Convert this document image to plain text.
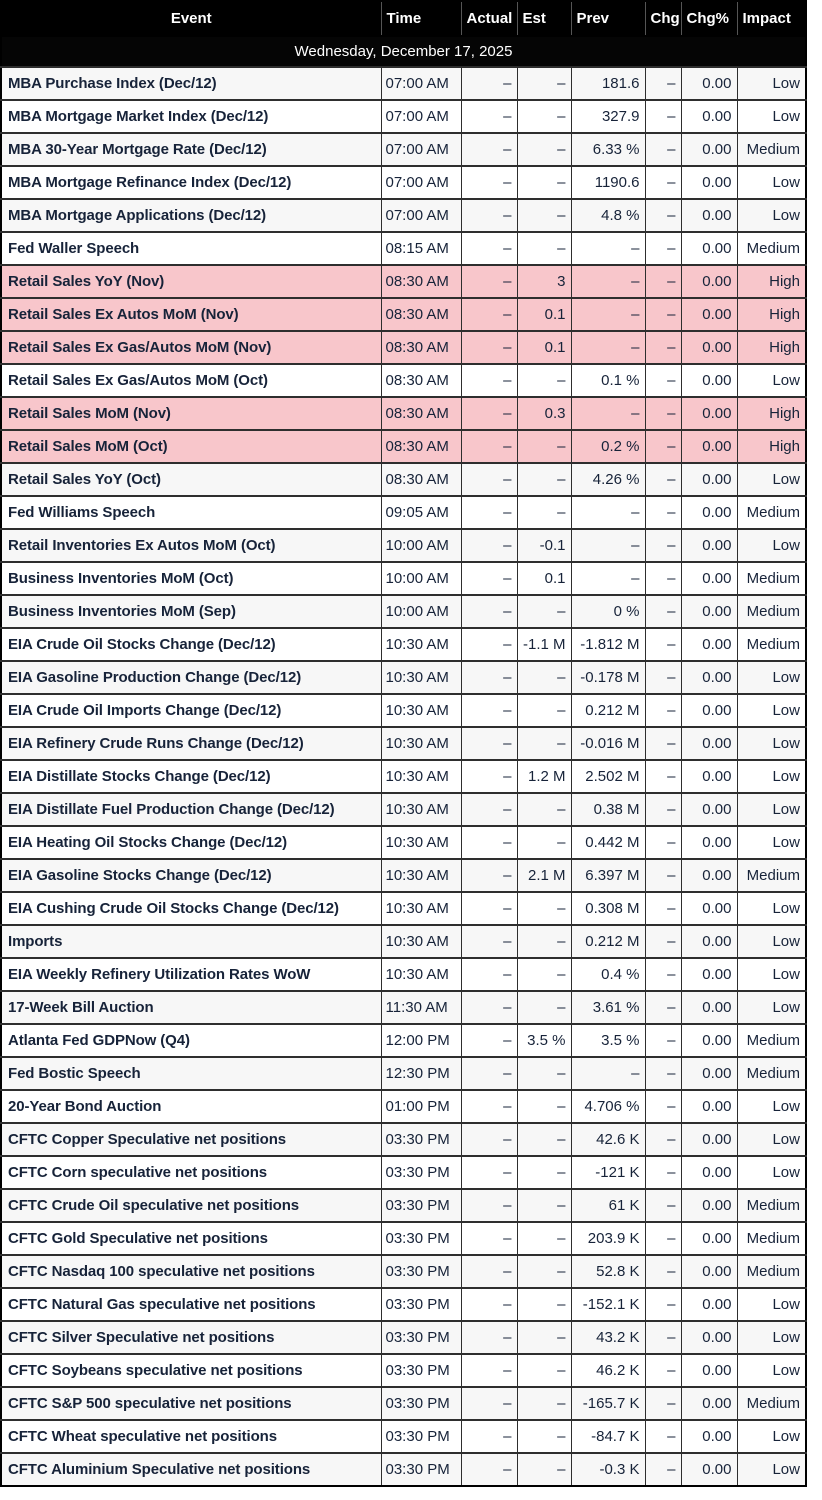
Event	Time	Actual	Est	Prev	Chg	Chg%	Impact
Wednesday, December 17, 2025							
MBA Purchase Index (Dec/12)	07:00 AM	–	–	181.6	–	0.00	Low
MBA Mortgage Market Index (Dec/12)	07:00 AM	–	–	327.9	–	0.00	Low
MBA 30-Year Mortgage Rate (Dec/12)	07:00 AM	–	–	6.33 %	–	0.00	Medium
MBA Mortgage Refinance Index (Dec/12)	07:00 AM	–	–	1190.6	–	0.00	Low
MBA Mortgage Applications (Dec/12)	07:00 AM	–	–	4.8 %	–	0.00	Low
Fed Waller Speech	08:15 AM	–	–	–	–	0.00	Medium
Retail Sales YoY (Nov)	08:30 AM	–	3	–	–	0.00	High
Retail Sales Ex Autos MoM (Nov)	08:30 AM	–	0.1	–	–	0.00	High
Retail Sales Ex Gas/Autos MoM (Nov)	08:30 AM	–	0.1	–	–	0.00	High
Retail Sales Ex Gas/Autos MoM (Oct)	08:30 AM	–	–	0.1 %	–	0.00	Low
Retail Sales MoM (Nov)	08:30 AM	–	0.3	–	–	0.00	High
Retail Sales MoM (Oct)	08:30 AM	–	–	0.2 %	–	0.00	High
Retail Sales YoY (Oct)	08:30 AM	–	–	4.26 %	–	0.00	Low
Fed Williams Speech	09:05 AM	–	–	–	–	0.00	Medium
Retail Inventories Ex Autos MoM (Oct)	10:00 AM	–	-0.1	–	–	0.00	Low
Business Inventories MoM (Oct)	10:00 AM	–	0.1	–	–	0.00	Medium
Business Inventories MoM (Sep)	10:00 AM	–	–	0 %	–	0.00	Medium
EIA Crude Oil Stocks Change (Dec/12)	10:30 AM	–	-1.1 M	-1.812 M	–	0.00	Medium
EIA Gasoline Production Change (Dec/12)	10:30 AM	–	–	-0.178 M	–	0.00	Low
EIA Crude Oil Imports Change (Dec/12)	10:30 AM	–	–	0.212 M	–	0.00	Low
EIA Refinery Crude Runs Change (Dec/12)	10:30 AM	–	–	-0.016 M	–	0.00	Low
EIA Distillate Stocks Change (Dec/12)	10:30 AM	–	1.2 M	2.502 M	–	0.00	Low
EIA Distillate Fuel Production Change (Dec/12)	10:30 AM	–	–	0.38 M	–	0.00	Low
EIA Heating Oil Stocks Change (Dec/12)	10:30 AM	–	–	0.442 M	–	0.00	Low
EIA Gasoline Stocks Change (Dec/12)	10:30 AM	–	2.1 M	6.397 M	–	0.00	Medium
EIA Cushing Crude Oil Stocks Change (Dec/12)	10:30 AM	–	–	0.308 M	–	0.00	Low
Imports	10:30 AM	–	–	0.212 M	–	0.00	Low
EIA Weekly Refinery Utilization Rates WoW	10:30 AM	–	–	0.4 %	–	0.00	Low
17-Week Bill Auction	11:30 AM	–	–	3.61 %	–	0.00	Low
Atlanta Fed GDPNow (Q4)	12:00 PM	–	3.5 %	3.5 %	–	0.00	Medium
Fed Bostic Speech	12:30 PM	–	–	–	–	0.00	Medium
20-Year Bond Auction	01:00 PM	–	–	4.706 %	–	0.00	Low
CFTC Copper Speculative net positions	03:30 PM	–	–	42.6 K	–	0.00	Low
CFTC Corn speculative net positions	03:30 PM	–	–	-121 K	–	0.00	Low
CFTC Crude Oil speculative net positions	03:30 PM	–	–	61 K	–	0.00	Medium
CFTC Gold Speculative net positions	03:30 PM	–	–	203.9 K	–	0.00	Medium
CFTC Nasdaq 100 speculative net positions	03:30 PM	–	–	52.8 K	–	0.00	Medium
CFTC Natural Gas speculative net positions	03:30 PM	–	–	-152.1 K	–	0.00	Low
CFTC Silver Speculative net positions	03:30 PM	–	–	43.2 K	–	0.00	Low
CFTC Soybeans speculative net positions	03:30 PM	–	–	46.2 K	–	0.00	Low
CFTC S&P 500 speculative net positions	03:30 PM	–	–	-165.7 K	–	0.00	Medium
CFTC Wheat speculative net positions	03:30 PM	–	–	-84.7 K	–	0.00	Low
CFTC Aluminium Speculative net positions	03:30 PM	–	–	-0.3 K	–	0.00	Low
